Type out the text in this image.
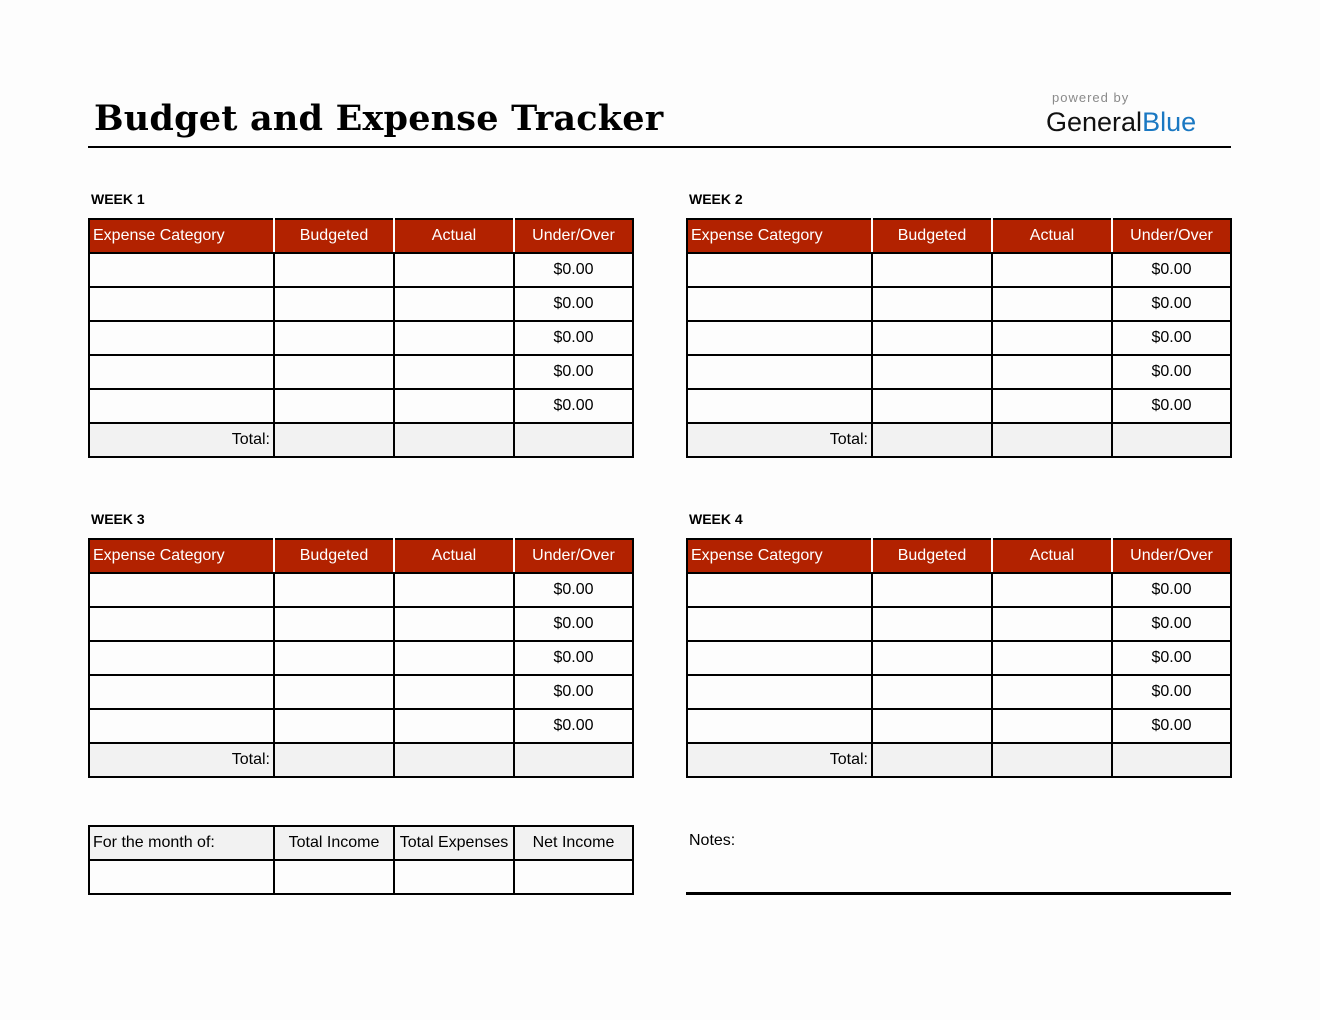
Budget and Expense Tracker
powered by
GeneralBlue
WEEK 1
Expense Category	Budgeted	Actual	Under/Over
			$0.00
			$0.00
			$0.00
			$0.00
			$0.00
Total:			
WEEK 2
Expense Category	Budgeted	Actual	Under/Over
			$0.00
			$0.00
			$0.00
			$0.00
			$0.00
Total:			
WEEK 3
Expense Category	Budgeted	Actual	Under/Over
			$0.00
			$0.00
			$0.00
			$0.00
			$0.00
Total:			
WEEK 4
Expense Category	Budgeted	Actual	Under/Over
			$0.00
			$0.00
			$0.00
			$0.00
			$0.00
Total:			
For the month of:	Total Income	Total Expenses	Net Income
				Notes:
